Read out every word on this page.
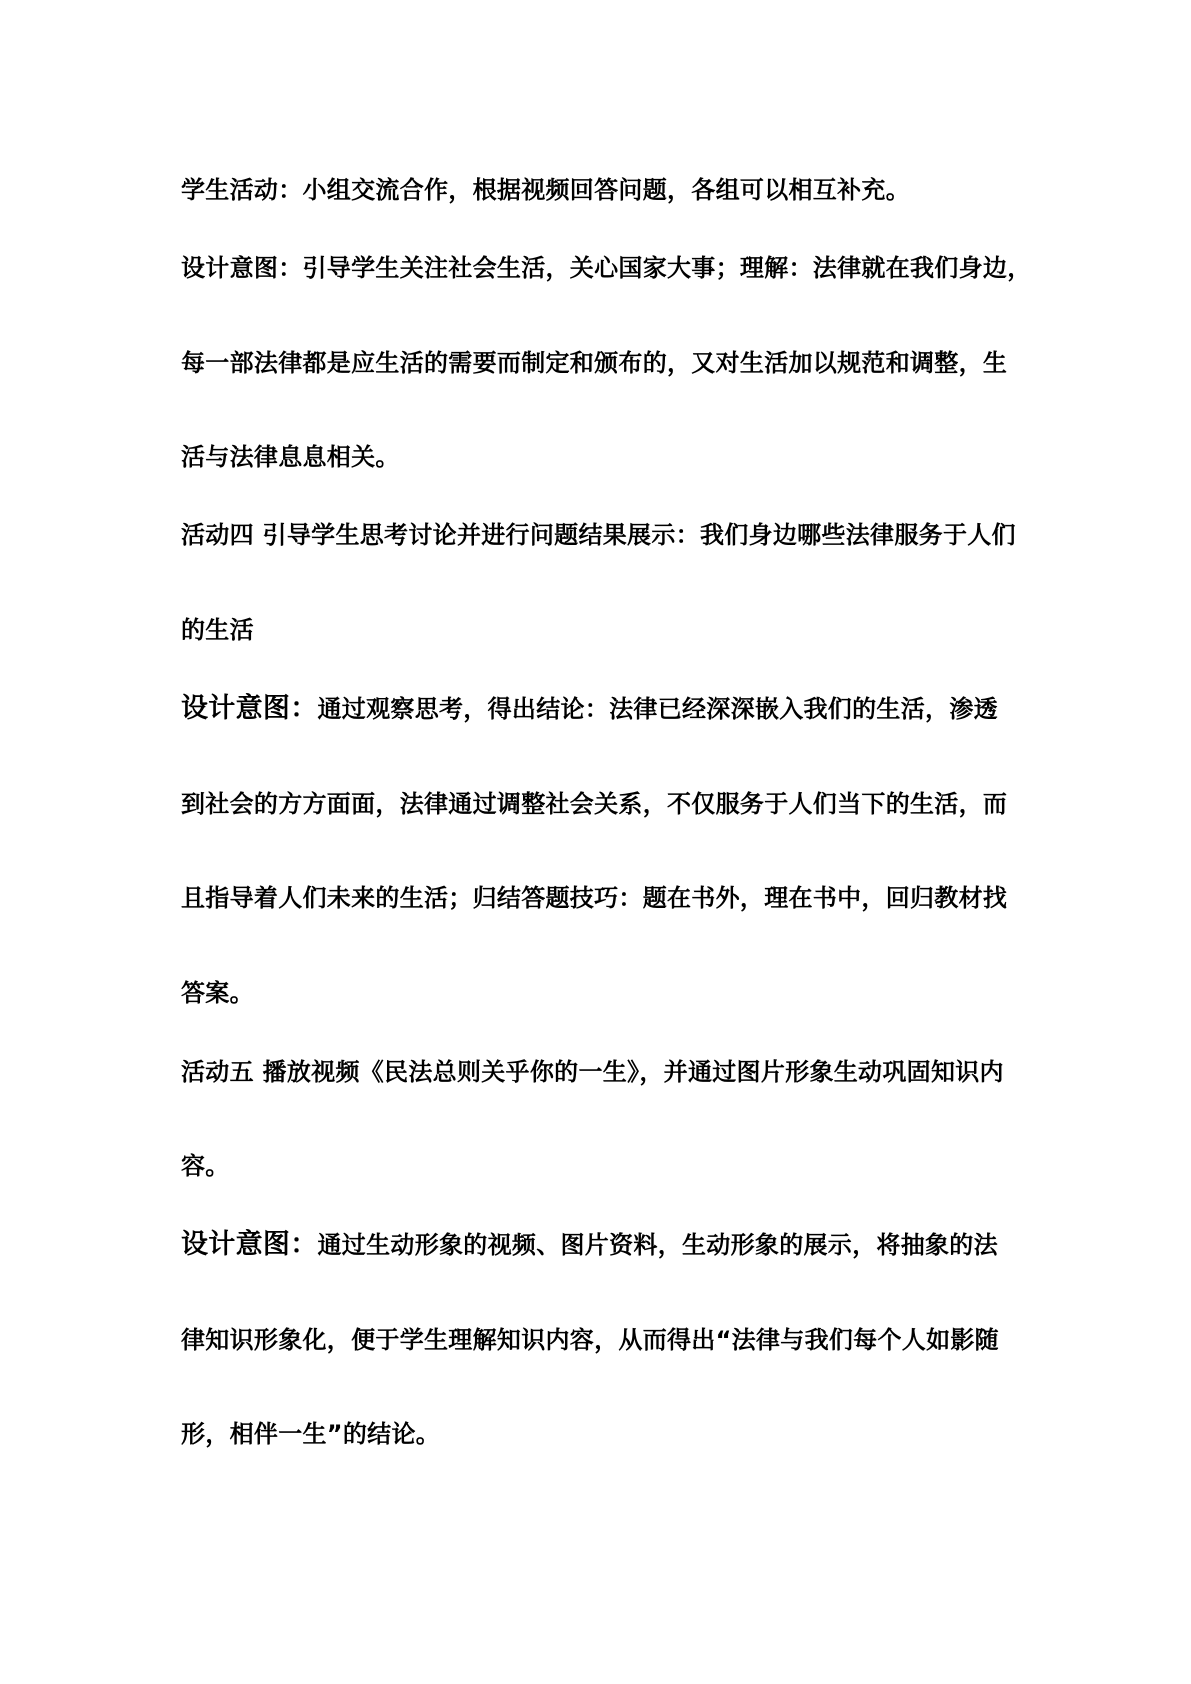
学生活动：小组交流合作，根据视频回答问题，各组可以相互补充。

设计意图：引导学生关注社会生活，关心国家大事；理解：法律就在我们身边，

每一部法律都是应生活的需要而制定和颁布的，又对生活加以规范和调整，生

活与法律息息相关。

活动四 引导学生思考讨论并进行问题结果展示：我们身边哪些法律服务于人们

的生活

设计意图：通过观察思考，得出结论：法律已经深深嵌入我们的生活，渗透

到社会的方方面面，法律通过调整社会关系，不仅服务于人们当下的生活，而

且指导着人们未来的生活；归结答题技巧：题在书外，理在书中，回归教材找

答案。

活动五 播放视频《民法总则关乎你的一生》，并通过图片形象生动巩固知识内

容。

设计意图：通过生动形象的视频、图片资料，生动形象的展示，将抽象的法

律知识形象化，便于学生理解知识内容，从而得出“法律与我们每个人如影随

形，相伴一生”的结论。
